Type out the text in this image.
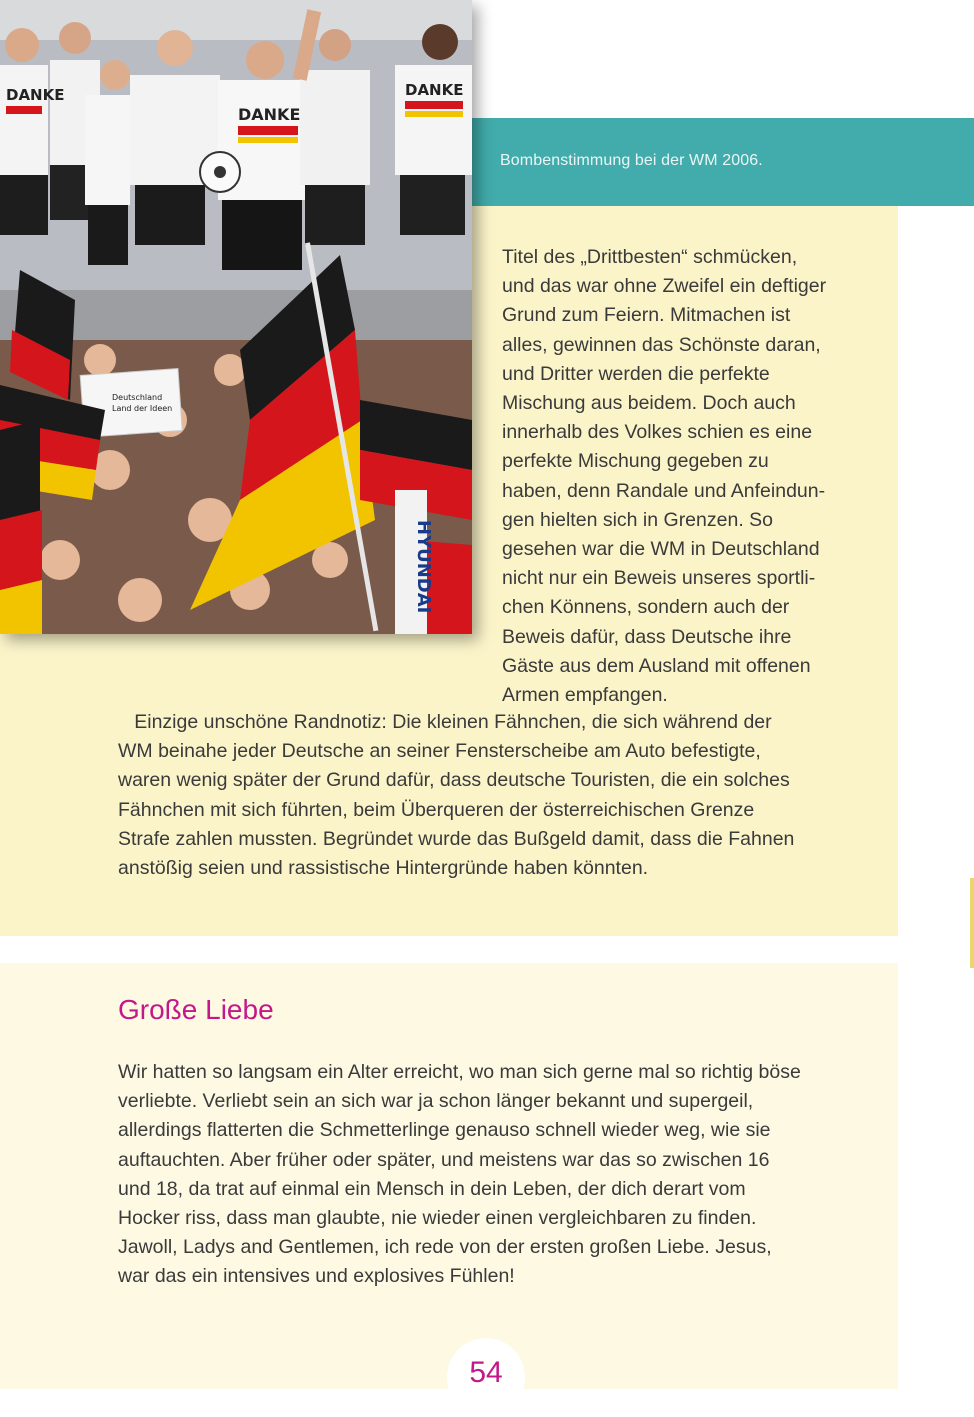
Bombenstimmung bei der WM 2006.
DANKE
DANKE
DANKE
Deutschland
Land der Ideen
HYUNDAI

Titel des „Drittbesten“ schmücken,

und das war ohne Zweifel ein deftiger

Grund zum Feiern. Mitmachen ist

alles, gewinnen das Schönste daran,

und Dritter werden die perfekte

Mischung aus beidem. Doch auch

innerhalb des Volkes schien es eine

perfekte Mischung gegeben zu

haben, denn Randale und Anfeindun-

gen hielten sich in Grenzen. So

gesehen war die WM in Deutschland

nicht nur ein Beweis unseres sportli-

chen Könnens, sondern auch der

Beweis dafür, dass Deutsche ihre

Gäste aus dem Ausland mit offenen

Armen empfangen.

Einzige unschöne Randnotiz: Die kleinen Fähnchen, die sich während der

WM beinahe jeder Deutsche an seiner Fensterscheibe am Auto befestigte,

waren wenig später der Grund dafür, dass deutsche Touristen, die ein solches

Fähnchen mit sich führten, beim Überqueren der österreichischen Grenze

Strafe zahlen mussten. Begründet wurde das Bußgeld damit, dass die Fahnen

anstößig seien und rassistische Hintergründe haben könnten.

Große Liebe

Wir hatten so langsam ein Alter erreicht, wo man sich gerne mal so richtig böse

verliebte. Verliebt sein an sich war ja schon länger bekannt und supergeil,

allerdings flatterten die Schmetterlinge genauso schnell wieder weg, wie sie

auftauchten. Aber früher oder später, und meistens war das so zwischen 16

und 18, da trat auf einmal ein Mensch in dein Leben, der dich derart vom

Hocker riss, dass man glaubte, nie wieder einen vergleichbaren zu finden.

Jawoll, Ladys and Gentlemen, ich rede von der ersten großen Liebe. Jesus,

war das ein intensives und explosives Fühlen!

54
